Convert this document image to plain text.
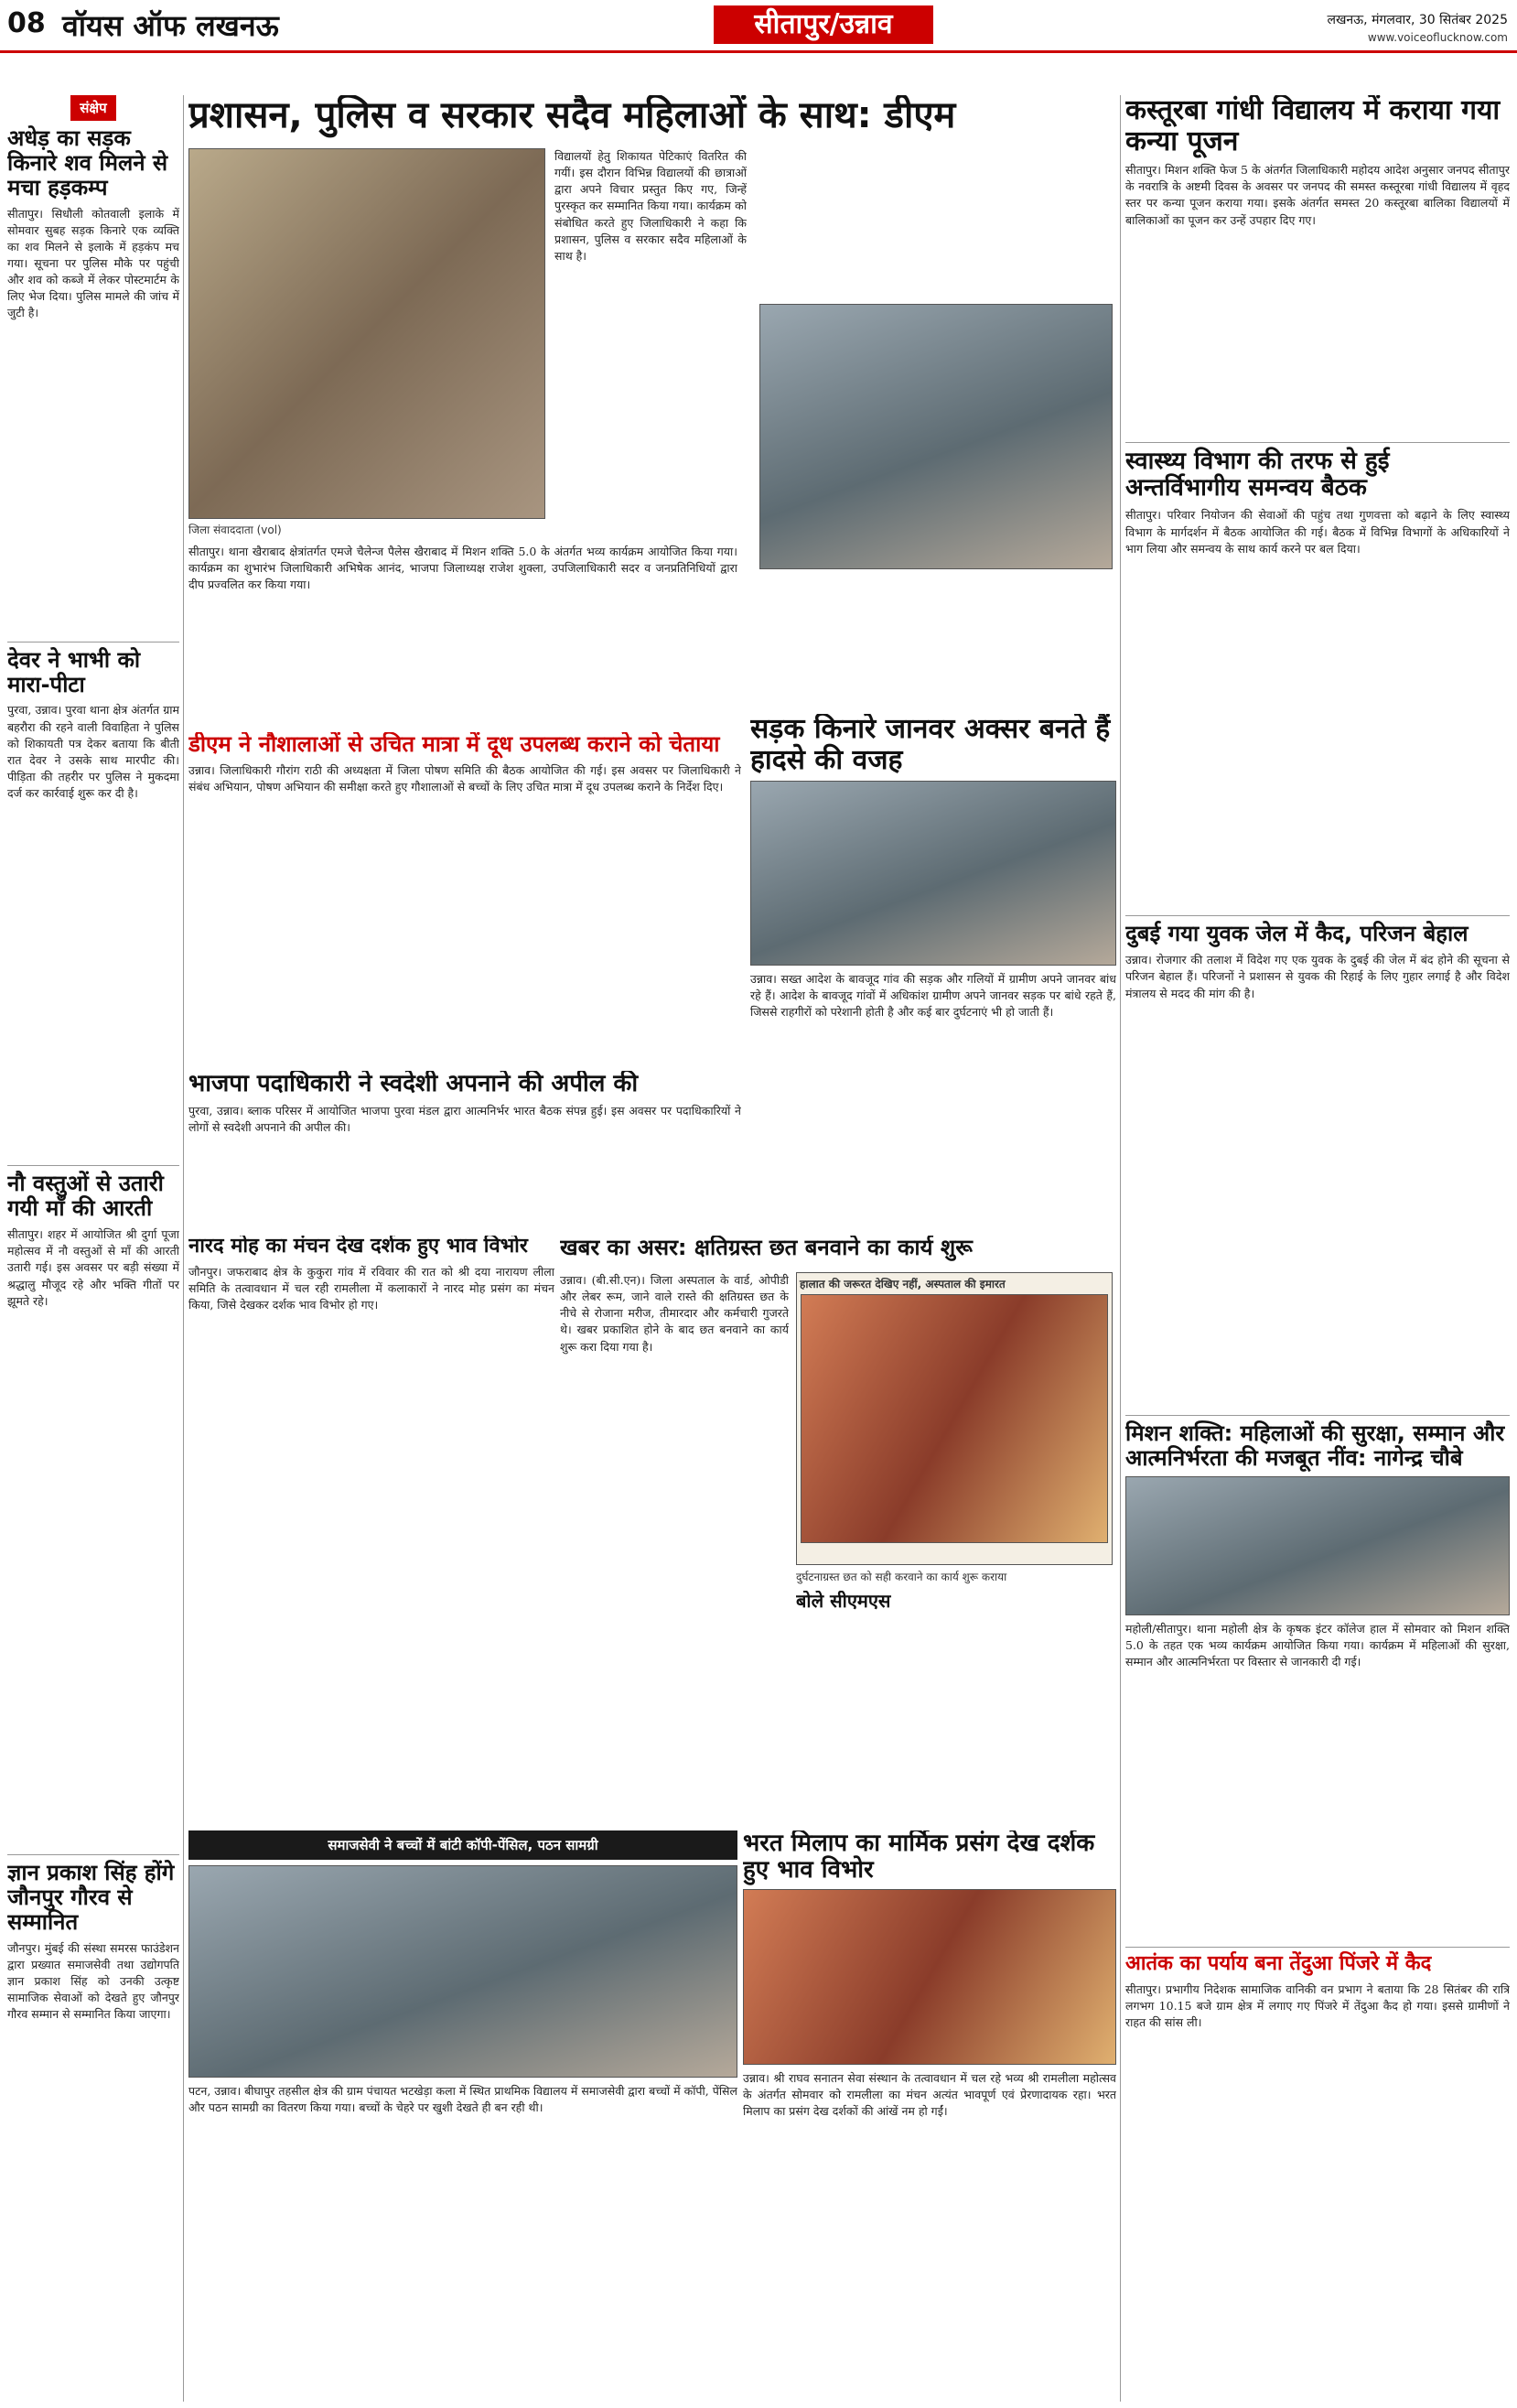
08 वॉयस ऑफ लखनऊ	सीतापुर/उन्नाव	लखनऊ, मंगलवार, 30 सितंबर 2025
www.voiceoflucknow.com
संक्षेप
अधेड़ का सड़क किनारे शव मिलने से मचा हड़कम्प

सीतापुर। सिधौली कोतवाली इलाके में सोमवार सुबह सड़क किनारे एक व्यक्ति का शव मिलने से इलाके में हड़कंप मच गया। सूचना पर पुलिस मौके पर पहुंची और शव को कब्जे में लेकर पोस्टमार्टम के लिए भेज दिया। पुलिस मामले की जांच में जुटी है।

देवर ने भाभी को मारा-पीटा

पुरवा, उन्नाव। पुरवा थाना क्षेत्र अंतर्गत ग्राम बहरौरा की रहने वाली विवाहिता ने पुलिस को शिकायती पत्र देकर बताया कि बीती रात देवर ने उसके साथ मारपीट की। पीड़िता की तहरीर पर पुलिस ने मुकदमा दर्ज कर कार्रवाई शुरू कर दी है।

नौ वस्तुओं से उतारी गयी माँ की आरती

सीतापुर। शहर में आयोजित श्री दुर्गा पूजा महोत्सव में नौ वस्तुओं से माँ की आरती उतारी गई। इस अवसर पर बड़ी संख्या में श्रद्धालु मौजूद रहे और भक्ति गीतों पर झूमते रहे।

ज्ञान प्रकाश सिंह होंगे जौनपुर गौरव से सम्मानित

जौनपुर। मुंबई की संस्था समरस फाउंडेशन द्वारा प्रख्यात समाजसेवी तथा उद्योगपति ज्ञान प्रकाश सिंह को उनकी उत्कृष्ट सामाजिक सेवाओं को देखते हुए जौनपुर गौरव सम्मान से सम्मानित किया जाएगा।

प्रशासन, पुलिस व सरकार सदैव महिलाओं के साथ: डीएम
जिला संवाददाता (vol)

सीतापुर। थाना खैराबाद क्षेत्रांतर्गत एमजे चैलेन्ज पैलेस खैराबाद में मिशन शक्ति 5.0 के अंतर्गत भव्य कार्यक्रम आयोजित किया गया। कार्यक्रम का शुभारंभ जिलाधिकारी अभिषेक आनंद, भाजपा जिलाध्यक्ष राजेश शुक्ला, उपजिलाधिकारी सदर व जनप्रतिनिधियों द्वारा दीप प्रज्वलित कर किया गया।

विद्यालयों हेतु शिकायत पेटिकाएं वितरित की गयीं। इस दौरान विभिन्न विद्यालयों की छात्राओं द्वारा अपने विचार प्रस्तुत किए गए, जिन्हें पुरस्कृत कर सम्मानित किया गया। कार्यक्रम को संबोधित करते हुए जिलाधिकारी ने कहा कि प्रशासन, पुलिस व सरकार सदैव महिलाओं के साथ है।

कस्तूरबा गांधी विद्यालय में कराया गया कन्या पूजन

सीतापुर। मिशन शक्ति फेज 5 के अंतर्गत जिलाधिकारी महोदय आदेश अनुसार जनपद सीतापुर के नवरात्रि के अष्टमी दिवस के अवसर पर जनपद की समस्त कस्तूरबा गांधी विद्यालय में वृहद स्तर पर कन्या पूजन कराया गया। इसके अंतर्गत समस्त 20 कस्तूरबा बालिका विद्यालयों में बालिकाओं का पूजन कर उन्हें उपहार दिए गए।

स्वास्थ्य विभाग की तरफ से हुई अन्तर्विभागीय समन्वय बैठक

सीतापुर। परिवार नियोजन की सेवाओं की पहुंच तथा गुणवत्ता को बढ़ाने के लिए स्वास्थ्य विभाग के मार्गदर्शन में बैठक आयोजित की गई। बैठक में विभिन्न विभागों के अधिकारियों ने भाग लिया और समन्वय के साथ कार्य करने पर बल दिया।

दुबई गया युवक जेल में कैद, परिजन बेहाल

उन्नाव। रोजगार की तलाश में विदेश गए एक युवक के दुबई की जेल में बंद होने की सूचना से परिजन बेहाल हैं। परिजनों ने प्रशासन से युवक की रिहाई के लिए गुहार लगाई है और विदेश मंत्रालय से मदद की मांग की है।

मिशन शक्ति: महिलाओं की सुरक्षा, सम्मान और आत्मनिर्भरता की मजबूत नींव: नागेन्द्र चौबे

महोली/सीतापुर। थाना महोली क्षेत्र के कृषक इंटर कॉलेज हाल में सोमवार को मिशन शक्ति 5.0 के तहत एक भव्य कार्यक्रम आयोजित किया गया। कार्यक्रम में महिलाओं की सुरक्षा, सम्मान और आत्मनिर्भरता पर विस्तार से जानकारी दी गई।

आतंक का पर्याय बना तेंदुआ पिंजरे में कैद

सीतापुर। प्रभागीय निदेशक सामाजिक वानिकी वन प्रभाग ने बताया कि 28 सितंबर की रात्रि लगभग 10.15 बजे ग्राम क्षेत्र में लगाए गए पिंजरे में तेंदुआ कैद हो गया। इससे ग्रामीणों ने राहत की सांस ली।

डीएम ने नौशालाओं से उचित मात्रा में दूध उपलब्ध कराने को चेताया

उन्नाव। जिलाधिकारी गौरांग राठी की अध्यक्षता में जिला पोषण समिति की बैठक आयोजित की गई। इस अवसर पर जिलाधिकारी ने संबंध अभियान, पोषण अभियान की समीक्षा करते हुए गौशालाओं से बच्चों के लिए उचित मात्रा में दूध उपलब्ध कराने के निर्देश दिए।

सड़क किनारे जानवर अक्सर बनते हैं हादसे की वजह

उन्नाव। सख्त आदेश के बावजूद गांव की सड़क और गलियों में ग्रामीण अपने जानवर बांध रहे हैं। आदेश के बावजूद गांवों में अधिकांश ग्रामीण अपने जानवर सड़क पर बांधे रहते हैं, जिससे राहगीरों को परेशानी होती है और कई बार दुर्घटनाएं भी हो जाती हैं।

भाजपा पदाधिकारी ने स्वदेशी अपनाने की अपील की

पुरवा, उन्नाव। ब्लाक परिसर में आयोजित भाजपा पुरवा मंडल द्वारा आत्मनिर्भर भारत बैठक संपन्न हुई। इस अवसर पर पदाधिकारियों ने लोगों से स्वदेशी अपनाने की अपील की।

नारद मोह का मंचन देख दर्शक हुए भाव विभोर

जौनपुर। जफराबाद क्षेत्र के कुकुरा गांव में रविवार की रात को श्री दया नारायण लीला समिति के तत्वावधान में चल रही रामलीला में कलाकारों ने नारद मोह प्रसंग का मंचन किया, जिसे देखकर दर्शक भाव विभोर हो गए।

खबर का असर: क्षतिग्रस्त छत बनवाने का कार्य शुरू

उन्नाव। (बी.सी.एन)। जिला अस्पताल के वार्ड, ओपीडी और लेबर रूम, जाने वाले रास्ते की क्षतिग्रस्त छत के नीचे से रोजाना मरीज, तीमारदार और कर्मचारी गुजरते थे। खबर प्रकाशित होने के बाद छत बनवाने का कार्य शुरू करा दिया गया है।

हालात की जरूरत देखिए नहीं, अस्पताल की इमारत
दुर्घटनाग्रस्त छत को सही करवाने का कार्य शुरू कराया
बोले सीएमएस
समाजसेवी ने बच्चों में बांटी कॉपी-पेंसिल, पठन सामग्री

पटन, उन्नाव। बीघापुर तहसील क्षेत्र की ग्राम पंचायत भटखेड़ा कला में स्थित प्राथमिक विद्यालय में समाजसेवी द्वारा बच्चों में कॉपी, पेंसिल और पठन सामग्री का वितरण किया गया। बच्चों के चेहरे पर खुशी देखते ही बन रही थी।

भरत मिलाप का मार्मिक प्रसंग देख दर्शक हुए भाव विभोर

उन्नाव। श्री राघव सनातन सेवा संस्थान के तत्वावधान में चल रहे भव्य श्री रामलीला महोत्सव के अंतर्गत सोमवार को रामलीला का मंचन अत्यंत भावपूर्ण एवं प्रेरणादायक रहा। भरत मिलाप का प्रसंग देख दर्शकों की आंखें नम हो गईं।
